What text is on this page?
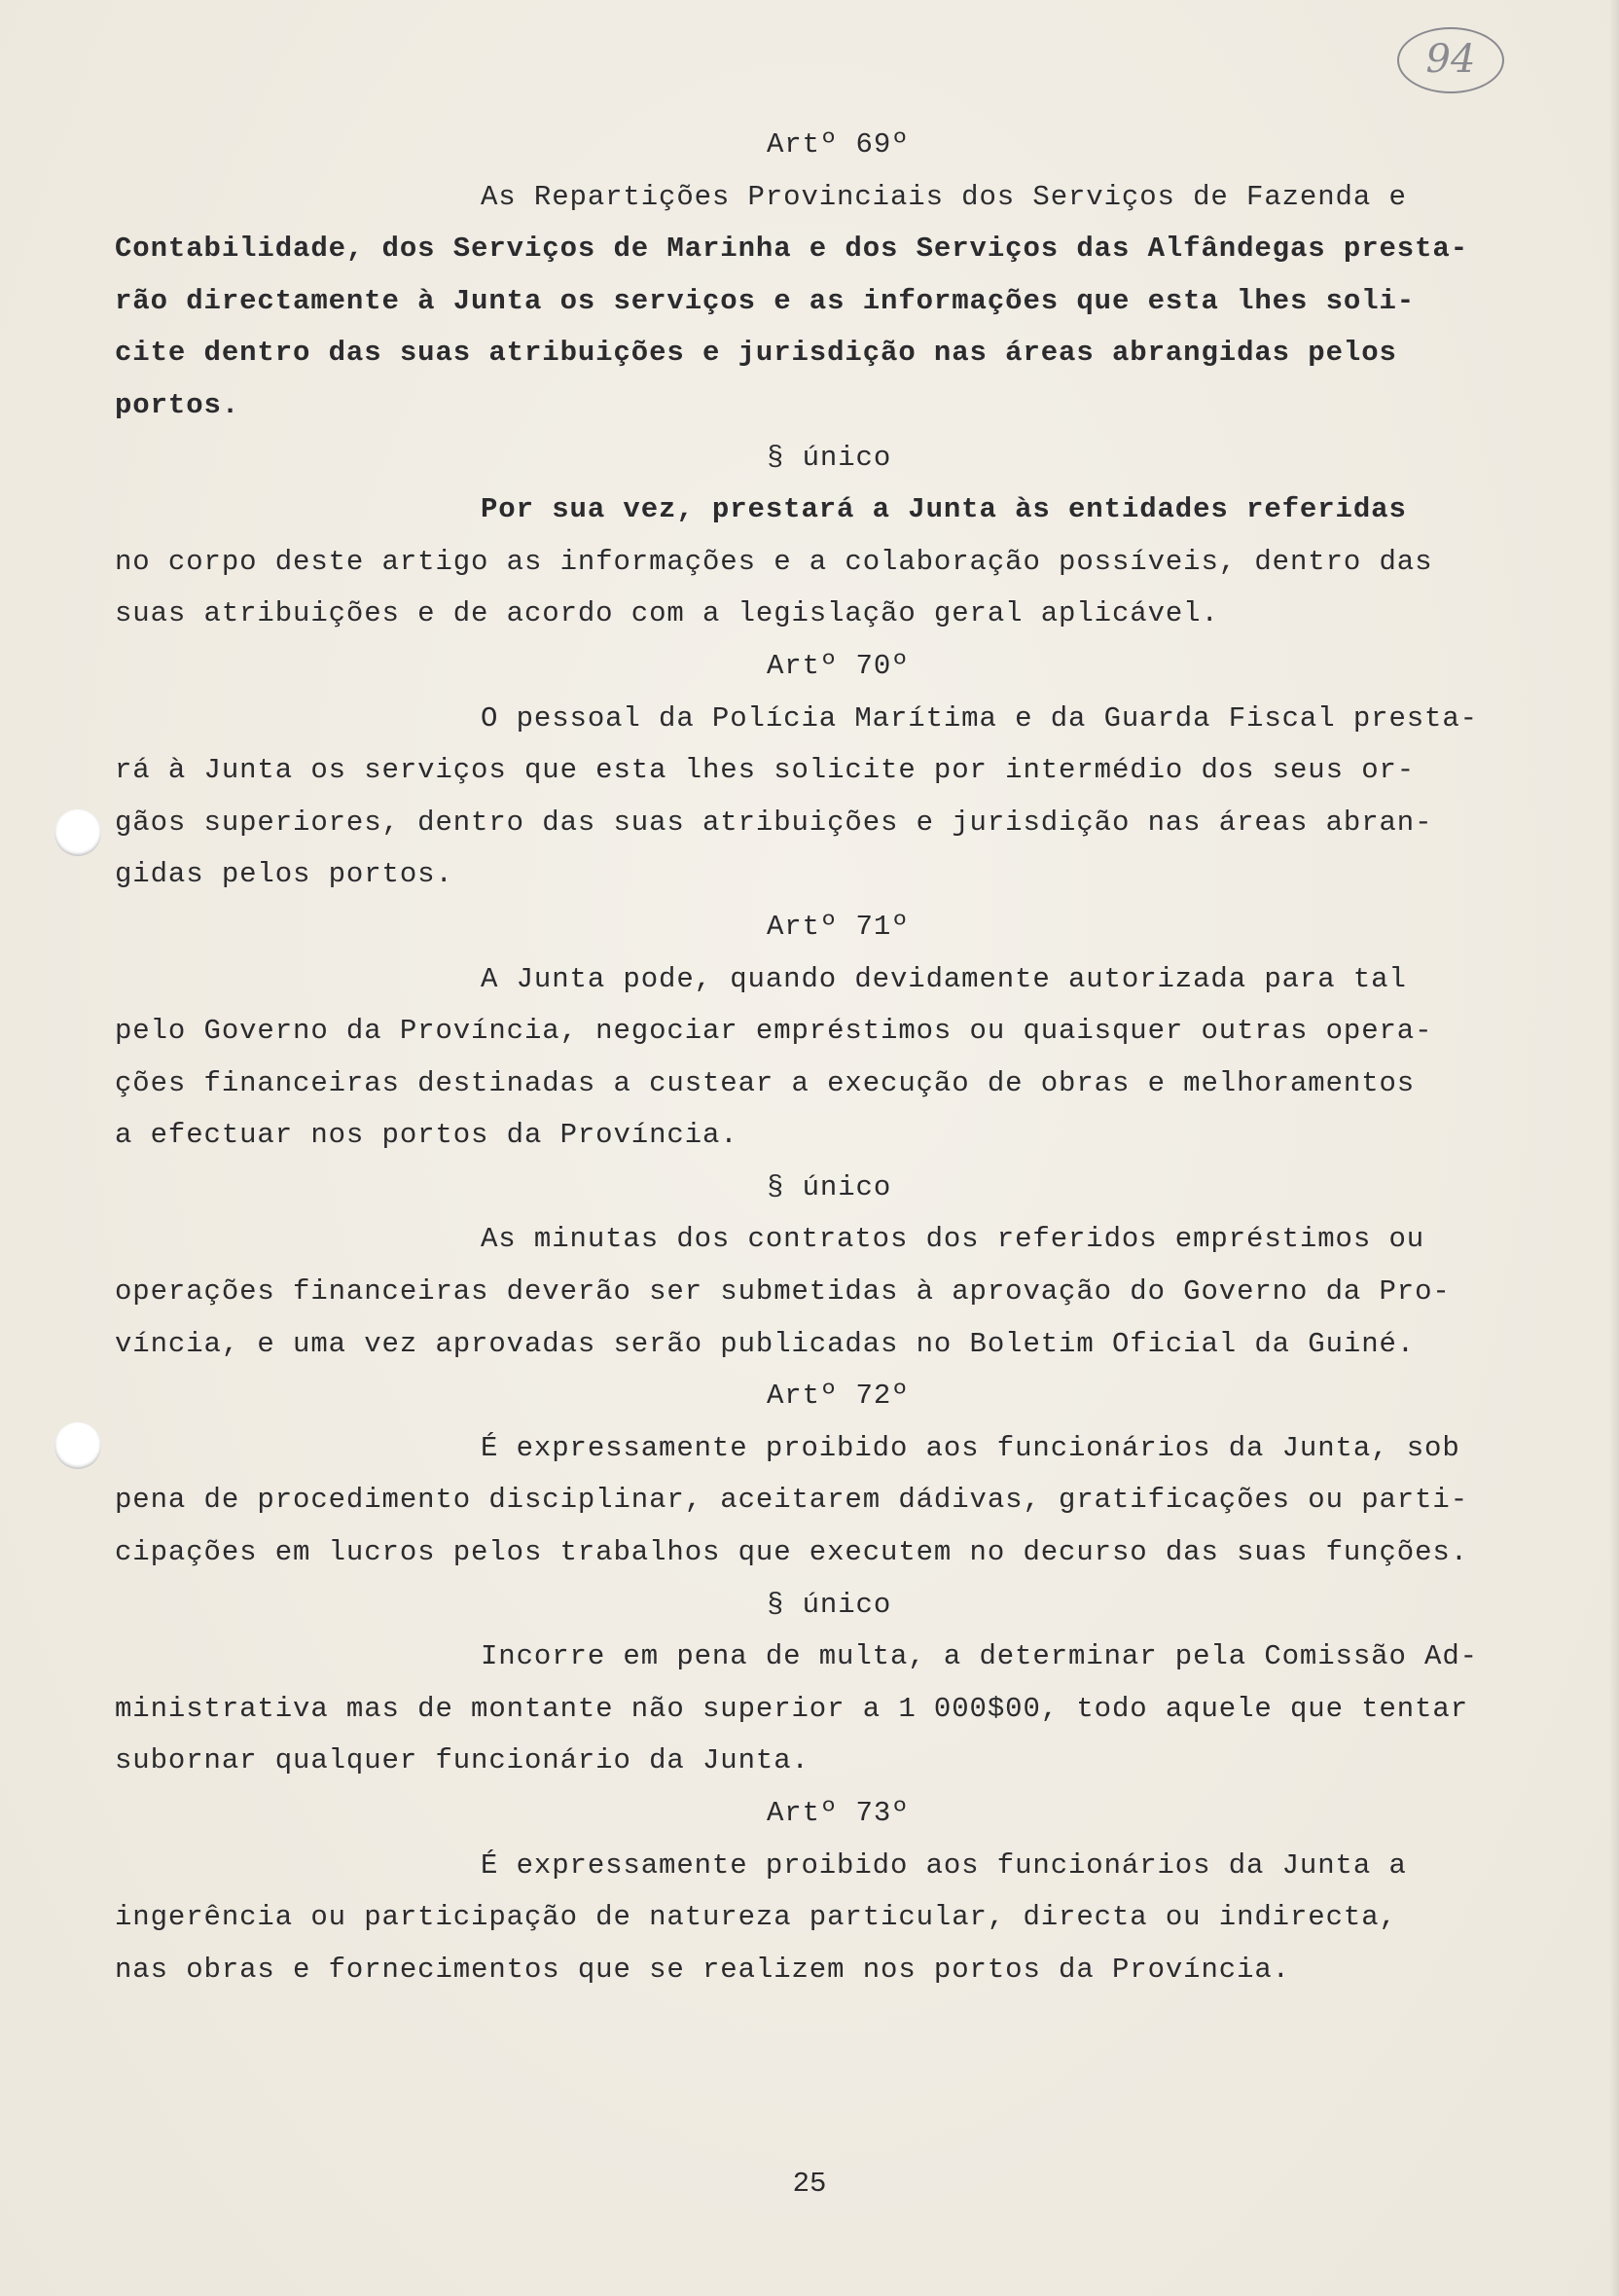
94
Artº 69º
As Repartições Provinciais dos Serviços de Fazenda e
Contabilidade, dos Serviços de Marinha e dos Serviços das Alfândegas presta-
rão directamente à Junta os serviços e as informações que esta lhes soli-
cite dentro das suas atribuições e jurisdição nas áreas abrangidas pelos
portos.
§ único
Por sua vez, prestará a Junta às entidades referidas
no corpo deste artigo as informações e a colaboração possíveis, dentro das
suas atribuições e de acordo com a legislação geral aplicável.
Artº 70º
O pessoal da Polícia Marítima e da Guarda Fiscal presta-
rá à Junta os serviços que esta lhes solicite por intermédio dos seus or-
gãos superiores, dentro das suas atribuições e jurisdição nas áreas abran-
gidas pelos portos.
Artº 71º
A Junta pode, quando devidamente autorizada para tal
pelo Governo da Província, negociar empréstimos ou quaisquer outras opera-
ções financeiras destinadas a custear a execução de obras e melhoramentos
a efectuar nos portos da Província.
§ único
As minutas dos contratos dos referidos empréstimos ou
operações financeiras deverão ser submetidas à aprovação do Governo da Pro-
víncia, e uma vez aprovadas serão publicadas no Boletim Oficial da Guiné.
Artº 72º
É expressamente proibido aos funcionários da Junta, sob
pena de procedimento disciplinar, aceitarem dádivas, gratificações ou parti-
cipações em lucros pelos trabalhos que executem no decurso das suas funções.
§ único
Incorre em pena de multa, a determinar pela Comissão Ad-
ministrativa mas de montante não superior a 1 000$00, todo aquele que tentar
subornar qualquer funcionário da Junta.
Artº 73º
É expressamente proibido aos funcionários da Junta a
ingerência ou participação de natureza particular, directa ou indirecta,
nas obras e fornecimentos que se realizem nos portos da Província.
25
